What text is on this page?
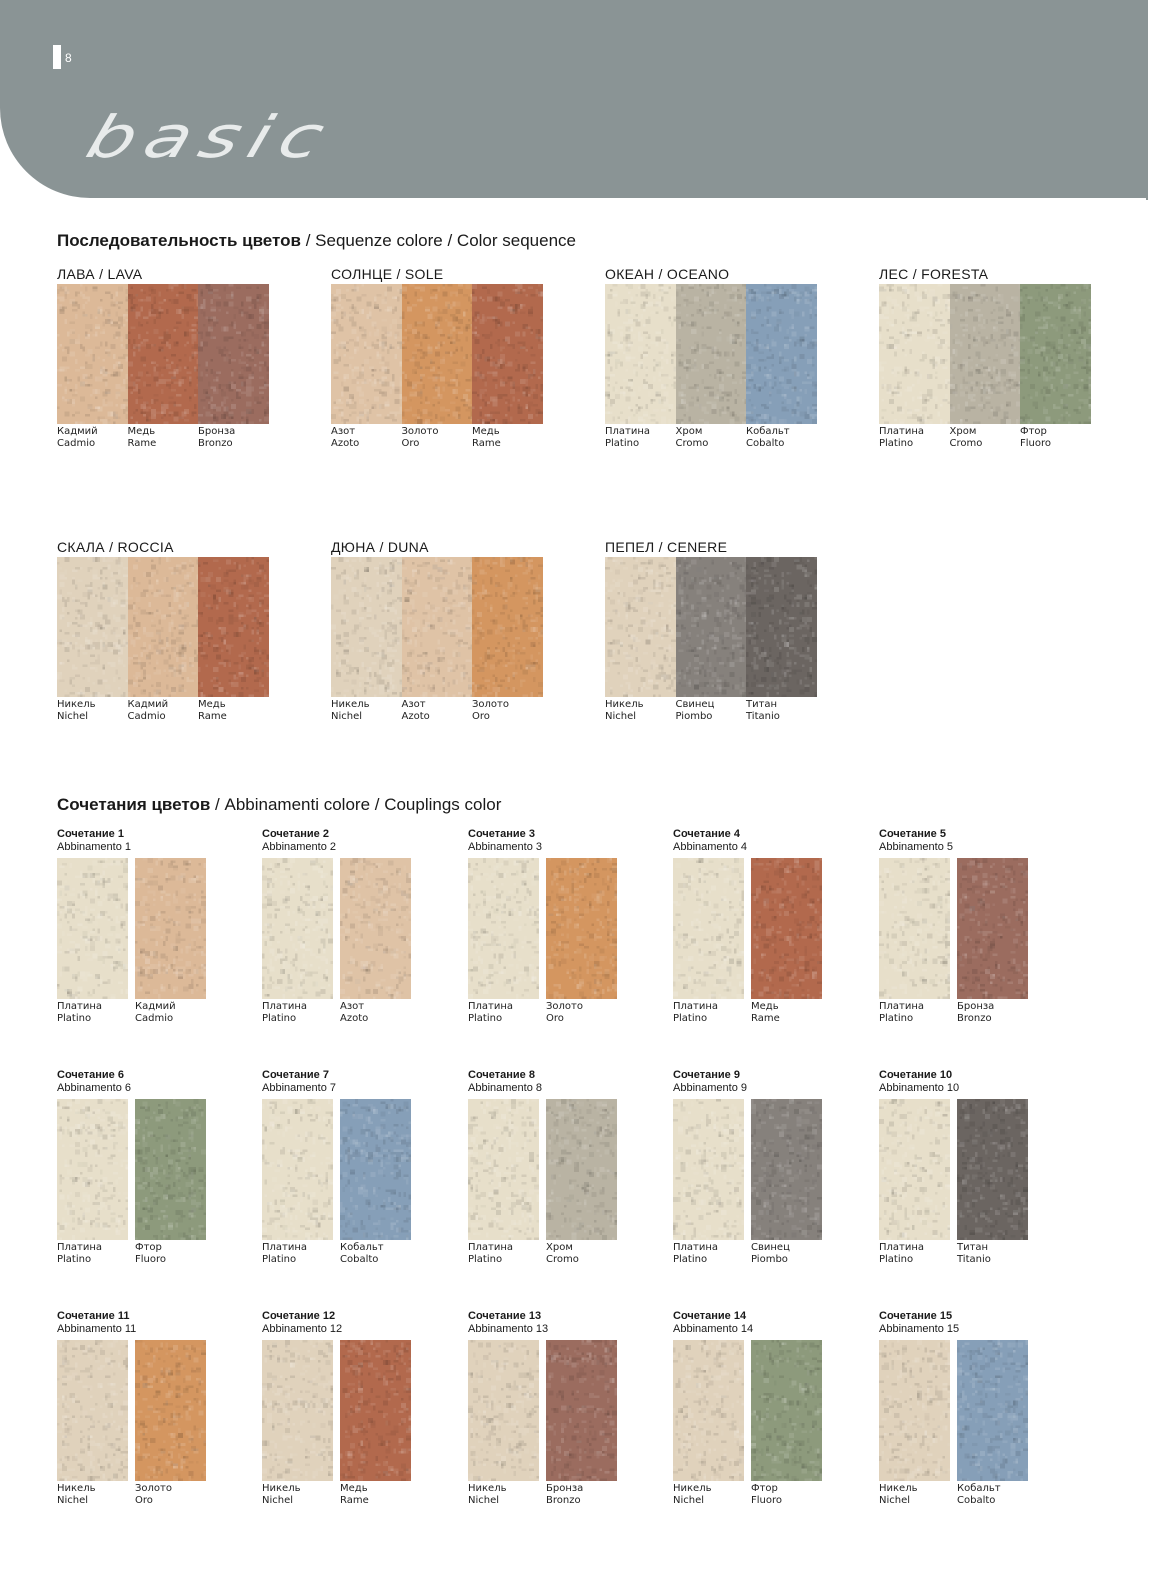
8
basic
Последовательность цветов / Sequenze colore / Color sequence
Сочетания цветов / Abbinamenti colore / Couplings color
ЛАВА / LAVA
Кадмий
Cadmio
Медь
Rame
Бронза
Bronzo
СОЛНЦЕ / SOLE
Азот
Azoto
Золото
Oro
Медь
Rame
ОКЕАН / OCEANO
Платина
Platino
Хром
Cromo
Кобальт
Cobalto
ЛЕС / FORESTA
Платина
Platino
Хром
Cromo
Фтор
Fluoro
СКАЛА / ROCCIA
Никель
Nichel
Кадмий
Cadmio
Медь
Rame
ДЮНА / DUNA
Никель
Nichel
Азот
Azoto
Золото
Oro
ПЕПЕЛ / CENERE
Никель
Nichel
Свинец
Piombo
Титан
Titanio
Сочетание 1
Abbinamento 1
Платина
Platino
Кадмий
Cadmio
Сочетание 2
Abbinamento 2
Платина
Platino
Азот
Azoto
Сочетание 3
Abbinamento 3
Платина
Platino
Золото
Oro
Сочетание 4
Abbinamento 4
Платина
Platino
Медь
Rame
Сочетание 5
Abbinamento 5
Платина
Platino
Бронза
Bronzo
Сочетание 6
Abbinamento 6
Платина
Platino
Фтор
Fluoro
Сочетание 7
Abbinamento 7
Платина
Platino
Кобальт
Cobalto
Сочетание 8
Abbinamento 8
Платина
Platino
Хром
Cromo
Сочетание 9
Abbinamento 9
Платина
Platino
Свинец
Piombo
Сочетание 10
Abbinamento 10
Платина
Platino
Титан
Titanio
Сочетание 11
Abbinamento 11
Никель
Nichel
Золото
Oro
Сочетание 12
Abbinamento 12
Никель
Nichel
Медь
Rame
Сочетание 13
Abbinamento 13
Никель
Nichel
Бронза
Bronzo
Сочетание 14
Abbinamento 14
Никель
Nichel
Фтор
Fluoro
Сочетание 15
Abbinamento 15
Никель
Nichel
Кобальт
Cobalto
